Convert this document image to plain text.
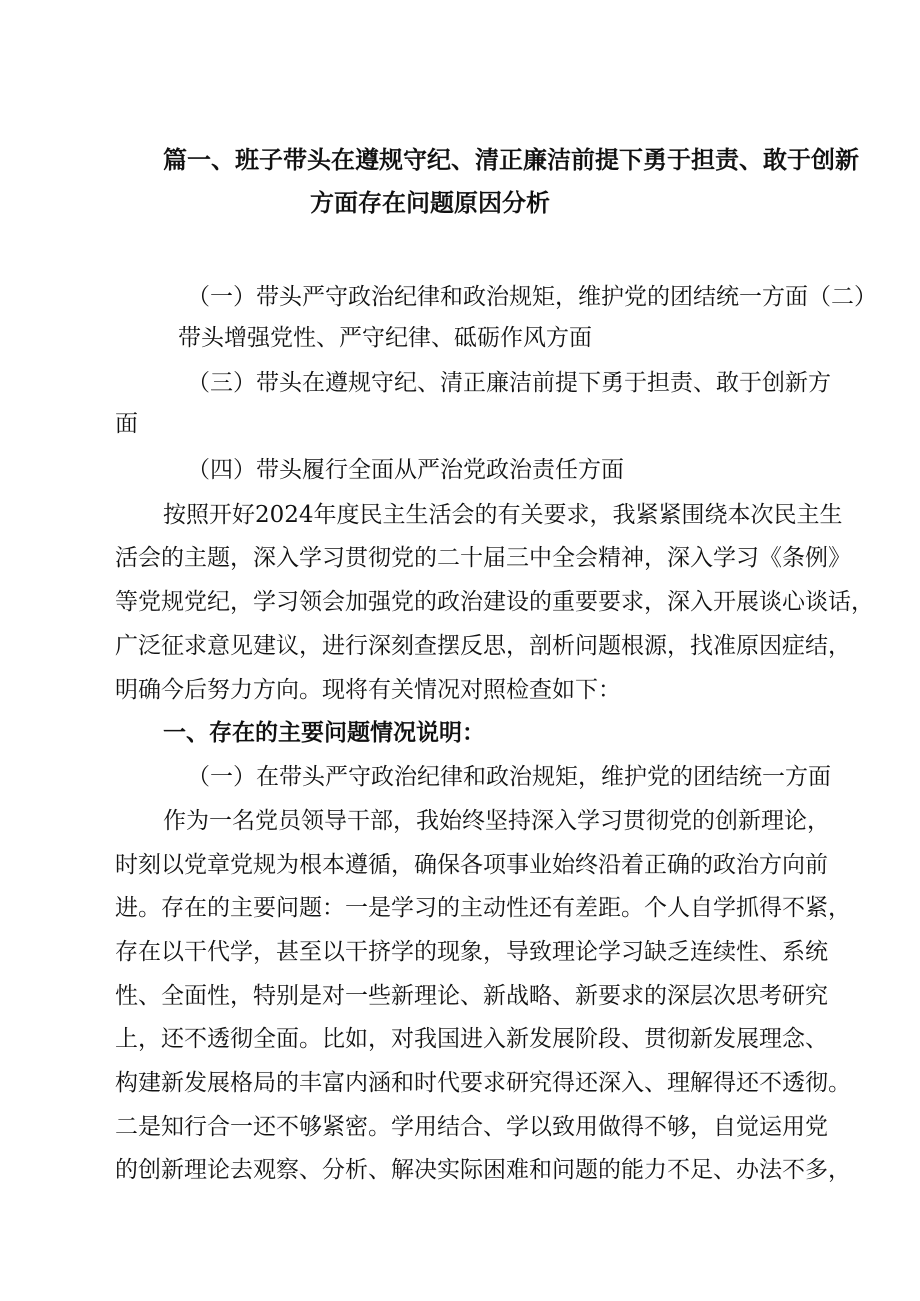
篇一、班子带头在遵规守纪、清正廉洁前提下勇于担责、敢于创新
方面存在问题原因分析
（一）带头严守政治纪律和政治规矩，维护党的团结统一方面（二）
带头增强党性、严守纪律、砥砺作风方面
（三）带头在遵规守纪、清正廉洁前提下勇于担责、敢于创新方
面
（四）带头履行全面从严治党政治责任方面
按照开好2024年度民主生活会的有关要求，我紧紧围绕本次民主生
活会的主题，深入学习贯彻党的二十届三中全会精神，深入学习《条例》
等党规党纪，学习领会加强党的政治建设的重要要求，深入开展谈心谈话，
广泛征求意见建议，进行深刻查摆反思，剖析问题根源，找准原因症结，
明确今后努力方向。现将有关情况对照检查如下：
一、存在的主要问题情况说明：
（一）在带头严守政治纪律和政治规矩，维护党的团结统一方面
作为一名党员领导干部，我始终坚持深入学习贯彻党的创新理论，
时刻以党章党规为根本遵循，确保各项事业始终沿着正确的政治方向前
进。存在的主要问题：一是学习的主动性还有差距。个人自学抓得不紧，
存在以干代学，甚至以干挤学的现象，导致理论学习缺乏连续性、系统
性、全面性，特别是对一些新理论、新战略、新要求的深层次思考研究
上，还不透彻全面。比如，对我国进入新发展阶段、贯彻新发展理念、
构建新发展格局的丰富内涵和时代要求研究得还深入、理解得还不透彻。
二是知行合一还不够紧密。学用结合、学以致用做得不够，自觉运用党
的创新理论去观察、分析、解决实际困难和问题的能力不足、办法不多，
